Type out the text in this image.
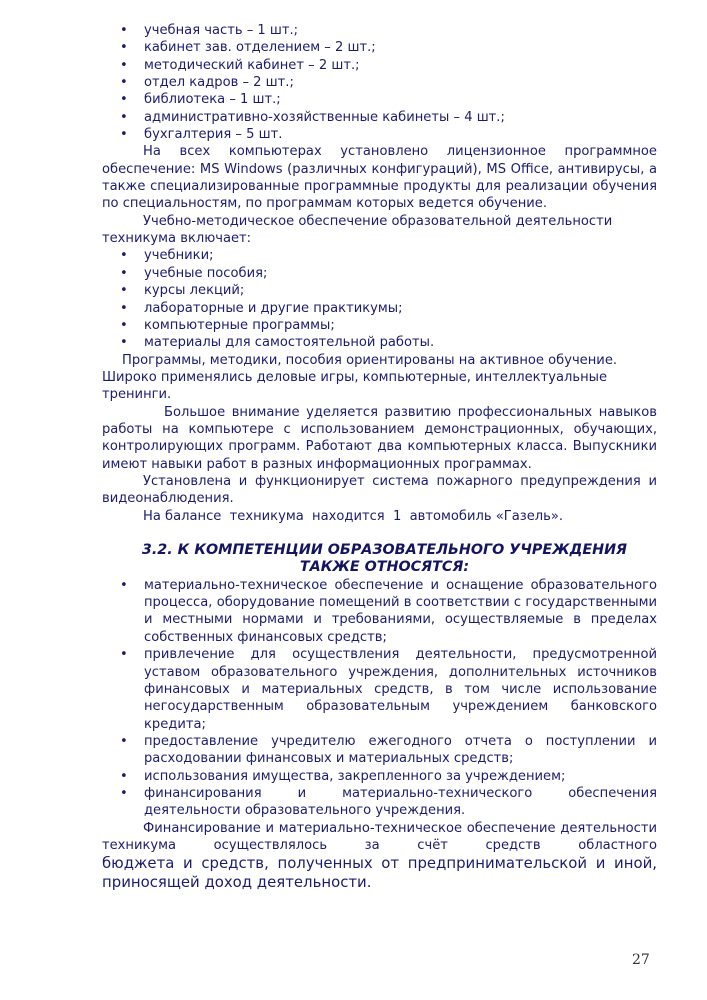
• учебная часть – 1 шт.;
• кабинет зав. отделением – 2 шт.;
• методический кабинет – 2 шт.;
• отдел кадров – 2 шт.;
• библиотека – 1 шт.;
• административно-хозяйственные кабинеты – 4 шт.;
• бухгалтерия – 5 шт.

На всех компьютерах установлено лицензионное программное обеспечение: MS Windows (различных конфигураций), MS Office, антивирусы, а также специализированные программные продукты для реализации обучения по специальностям, по программам которых ведется обучение.

Учебно-методическое обеспечение образовательной деятельности техникума включает:

• учебники;
• учебные пособия;
• курсы лекций;
• лабораторные и другие практикумы;
• компьютерные программы;
• материалы для самостоятельной работы.

Программы, методики, пособия ориентированы на активное обучение. Широко применялись деловые игры, компьютерные, интеллектуальные тренинги.

Большое внимание уделяется развитию профессиональных навыков работы на компьютере с использованием демонстрационных, обучающих, контролирующих программ. Работают два компьютерных класса. Выпускники имеют навыки работ в разных информационных программах.

Установлена и функционирует система пожарного предупреждения и видеонаблюдения.

На балансе  техникума  находится  1  автомобиль «Газель».

3.2. К КОМПЕТЕНЦИИ ОБРАЗОВАТЕЛЬНОГО УЧРЕЖДЕНИЯ
ТАКЖЕ ОТНОСЯТСЯ:
• материально-техническое обеспечение и оснащение образовательного процесса, оборудование помещений в соответствии с государственными и местными нормами и требованиями, осуществляемые в пределах собственных финансовых средств;
• привлечение для осуществления деятельности, предусмотренной уставом образовательного учреждения, дополнительных источников финансовых и материальных средств, в том числе использование негосударственным образовательным учреждением банковского кредита;
• предоставление учредителю ежегодного отчета о поступлении и расходовании финансовых и материальных средств;
• использования имущества, закрепленного за учреждением;
• финансирования и материально-технического обеспечения деятельности образовательного учреждения.

Финансирование и материально-техническое обеспечение деятельности техникума осуществлялось за счёт средств областного

бюджета и средств, полученных от предпринимательской и иной, приносящей доход деятельности.

27
